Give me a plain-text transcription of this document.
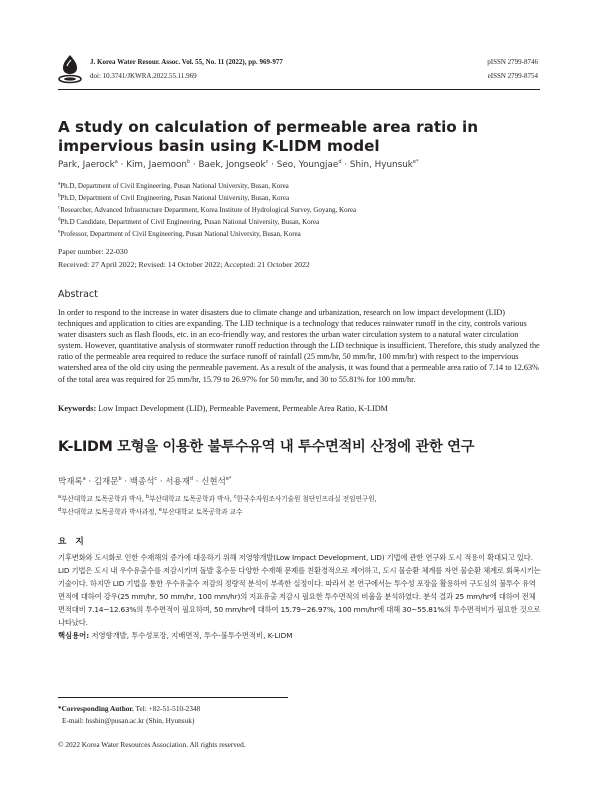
J. Korea Water Resour. Assoc. Vol. 55, No. 11 (2022), pp. 969-977
doi: 10.3741/JKWRA.2022.55.11.969
pISSN 2799-8746
eISSN 2799-8754
A study on calculation of permeable area ratio in impervious basin using K-LIDM model
Park, Jaerock$^a$ · Kim, Jaemoon$^b$ · Baek, Jongseok$^c$ · Seo, Youngjae$^d$ · Shin, Hyunsuk$^{e*}$
$^a$Ph.D, Department of Civil Engineering, Pusan National University, Busan, Korea
$^b$Ph.D, Department of Civil Engineering, Pusan National University, Busan, Korea
$^c$Researcher, Advanced Infrastructure Department, Korea Institute of Hydrological Survey, Goyang, Korea
$^d$Ph.D Candidate, Department of Civil Engineering, Pusan National University, Busan, Korea
$^e$Professor, Department of Civil Engineering, Pusan National University, Busan, Korea
Paper number: 22-030
Received: 27 April 2022; Revised: 14 October 2022; Accepted: 21 October 2022
Abstract
In order to respond to the increase in water disasters due to climate change and urbanization, research on low impact development (LID) techniques and application to cities are expanding. The LID technique is a technology that reduces rainwater runoff in the city, controls various water disasters such as flash floods, etc. in an eco-friendly way, and restores the urban water circulation system to a natural water circulation system. However, quantitative analysis of stormwater runoff reduction through the LID technique is insufficient. Therefore, this study analyzed the ratio of the permeable area required to reduce the surface runoff of rainfall (25 mm/hr, 50 mm/hr, 100 mm/hr) with respect to the impervious watershed area of the old city using the permeable pavement. As a result of the analysis, it was found that a permeable area ratio of 7.14 to 12.63% of the total area was required for 25 mm/hr, 15.79 to 26.97% for 50 mm/hr, and 30 to 55.81% for 100 mm/hr.
Keywords: Low Impact Development (LID), Permeable Pavement, Permeable Area Ratio, K-LIDM
K-LIDM 모형을 이용한 불투수유역 내 투수면적비 산정에 관한 연구
박재록$^a$ · 김재문$^b$ · 백종석$^c$ · 서용재$^d$ · 신현석$^{e*}$
$^a$부산대학교 토목공학과 박사, $^b$부산대학교 토목공학과 박사, $^c$한국수자원조사기술원 첨단인프라실 전임연구원,
$^d$부산대학교 토목공학과 박사과정, $^e$부산대학교 토목공학과 교수
요 지
기후변화와 도시화로 인한 수재해의 증가에 대응하기 위해 저영향개발(Low Impact Development, LID) 기법에 관한 연구와 도시 적용이 확대되고 있다. LID 기법은 도시 내 우수유출수를 저감시키며 돌발 홍수등 다양한 수재해 문제를 친환경적으로 제어하고, 도시 물순환 체계를 자연 물순환 체계로 회복시키는 기술이다. 하지만 LID 기법을 통한 우수유출수 저감의 정량적 분석이 부족한 실정이다. 따라서 본 연구에서는 투수성 포장을 활용하여 구도심의 불투수 유역면적에 대하여 강우(25 mm/hr, 50 mm/hr, 100 mm/hr)의 지표유출 저감시 필요한 투수면적의 비율을 분석하였다. 분석 결과 25 mm/hr에 대하여 전체면적대비 7.14~12.63%의 투수면적이 필요하며, 50 mm/hr에 대하여 15.79~26.97%, 100 mm/hr에 대해 30~55.81%의 투수면적비가 필요한 것으로 나타났다.
핵심용어: 저영향개발, 투수성포장, 지배면적, 투수-불투수면적비, K-LIDM
*Corresponding Author. Tel: +82-51-510-2348
E-mail: hsshin@pusan.ac.kr (Shin, Hyunsuk)
© 2022 Korea Water Resources Association. All rights reserved.
